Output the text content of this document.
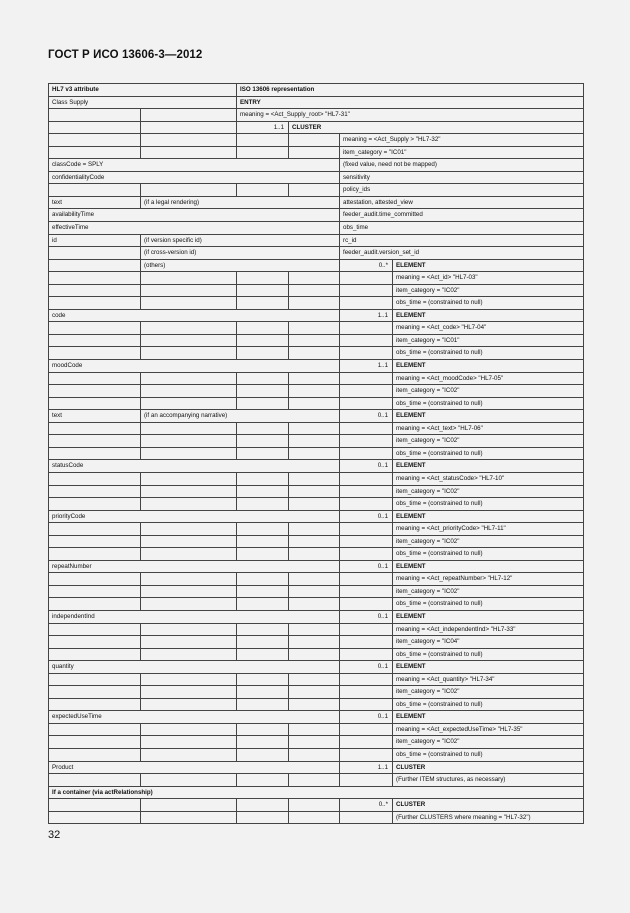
ГОСТ Р ИСО 13606-3—2012
HL7 v3 attribute		ISO 13606 representation			
Class Supply		ENTRY			
		meaning = <Act_Supply_root> "HL7-31"			
		1..1	CLUSTER		
				meaning = <Act_Supply > "HL7-32"	
				item_category = "IC01"	
classCode = SPLY				(fixed value, need not be mapped)	
confidentialityCode				sensitivity	
				policy_ids	
text	(if a legal rendering)			attestation, attested_view	
availabilityTime				feeder_audit.time_committed	
effectiveTime				obs_time	
id	(if version specific id)			rc_id	
	(if cross-version id)			feeder_audit.version_set_id	
	(others)			0..*	ELEMENT
					meaning = <Act_id> "HL7-03"
					item_category = "IC02"
					obs_time = (constrained to null)
code				1..1	ELEMENT
					meaning = <Act_code> "HL7-04"
					item_category = "IC01"
					obs_time = (constrained to null)
moodCode				1..1	ELEMENT
					meaning = <Act_moodCode> "HL7-05"
					item_category = "IC02"
					obs_time = (constrained to null)
text	(if an accompanying narrative)			0..1	ELEMENT
					meaning = <Act_text> "HL7-06"
					item_category = "IC02"
					obs_time = (constrained to null)
statusCode				0..1	ELEMENT
					meaning = <Act_statusCode> "HL7-10"
					item_category = "IC02"
					obs_time = (constrained to null)
priorityCode				0..1	ELEMENT
					meaning = <Act_priorityCode> "HL7-11"
					item_category = "IC02"
					obs_time = (constrained to null)
repeatNumber				0..1	ELEMENT
					meaning = <Act_repeatNumber> "HL7-12"
					item_category = "IC02"
					obs_time = (constrained to null)
independentInd				0..1	ELEMENT
					meaning = <Act_independentInd> "HL7-33"
					item_category = "IC04"
					obs_time = (constrained to null)
quantity				0..1	ELEMENT
					meaning = <Act_quantity> "HL7-34"
					item_category = "IC02"
					obs_time = (constrained to null)
expectedUseTime				0..1	ELEMENT
					meaning = <Act_expectedUseTime> "HL7-35"
					item_category = "IC02"
					obs_time = (constrained to null)
Product				1..1	CLUSTER
					(Further ITEM structures, as necessary)
If a container (via actRelationship)					
				0..*	CLUSTER
					(Further CLUSTERS where meaning = "HL7-32")
32
